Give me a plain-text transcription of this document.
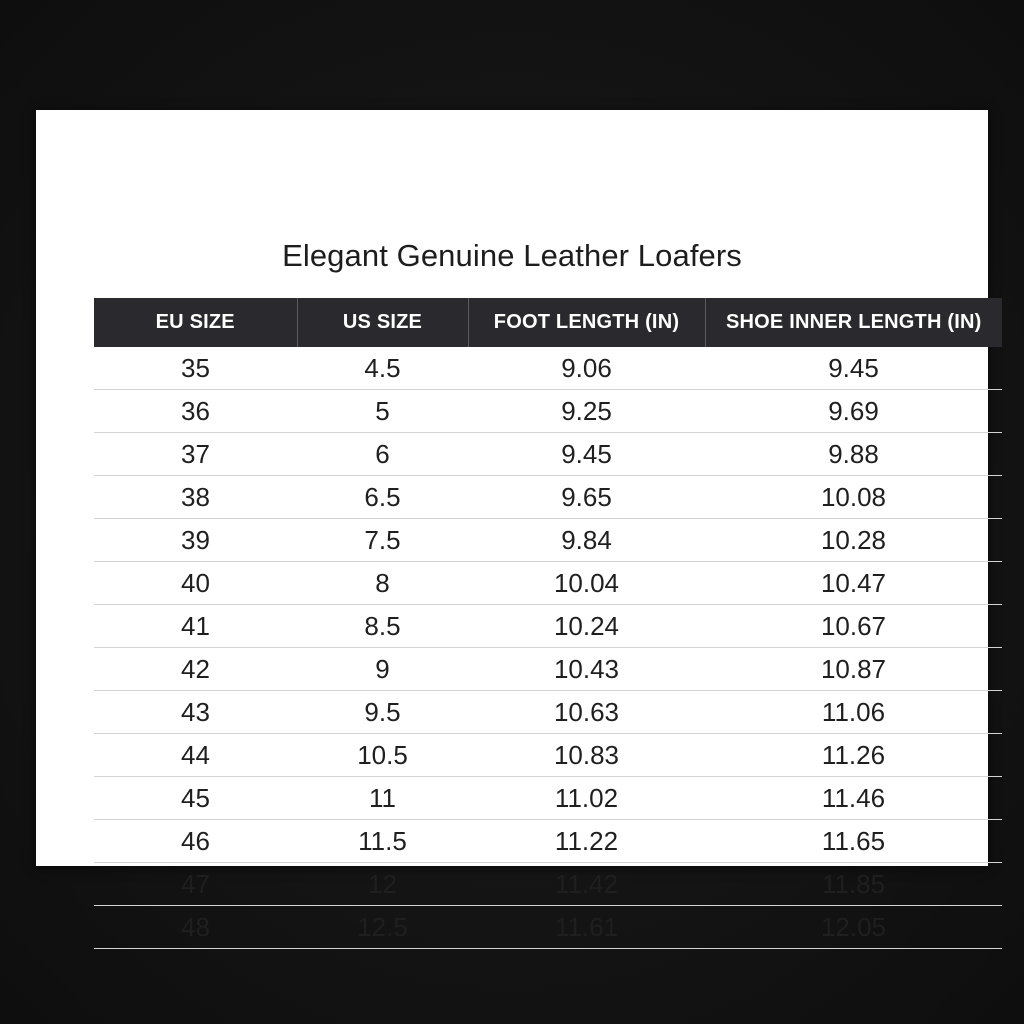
Elegant Genuine Leather Loafers
EU SIZE	US SIZE	FOOT LENGTH (IN)	SHOE INNER LENGTH (IN)
35	4.5	9.06	9.45
36	5	9.25	9.69
37	6	9.45	9.88
38	6.5	9.65	10.08
39	7.5	9.84	10.28
40	8	10.04	10.47
41	8.5	10.24	10.67
42	9	10.43	10.87
43	9.5	10.63	11.06
44	10.5	10.83	11.26
45	11	11.02	11.46
46	11.5	11.22	11.65
47	12	11.42	11.85
48	12.5	11.61	12.05
